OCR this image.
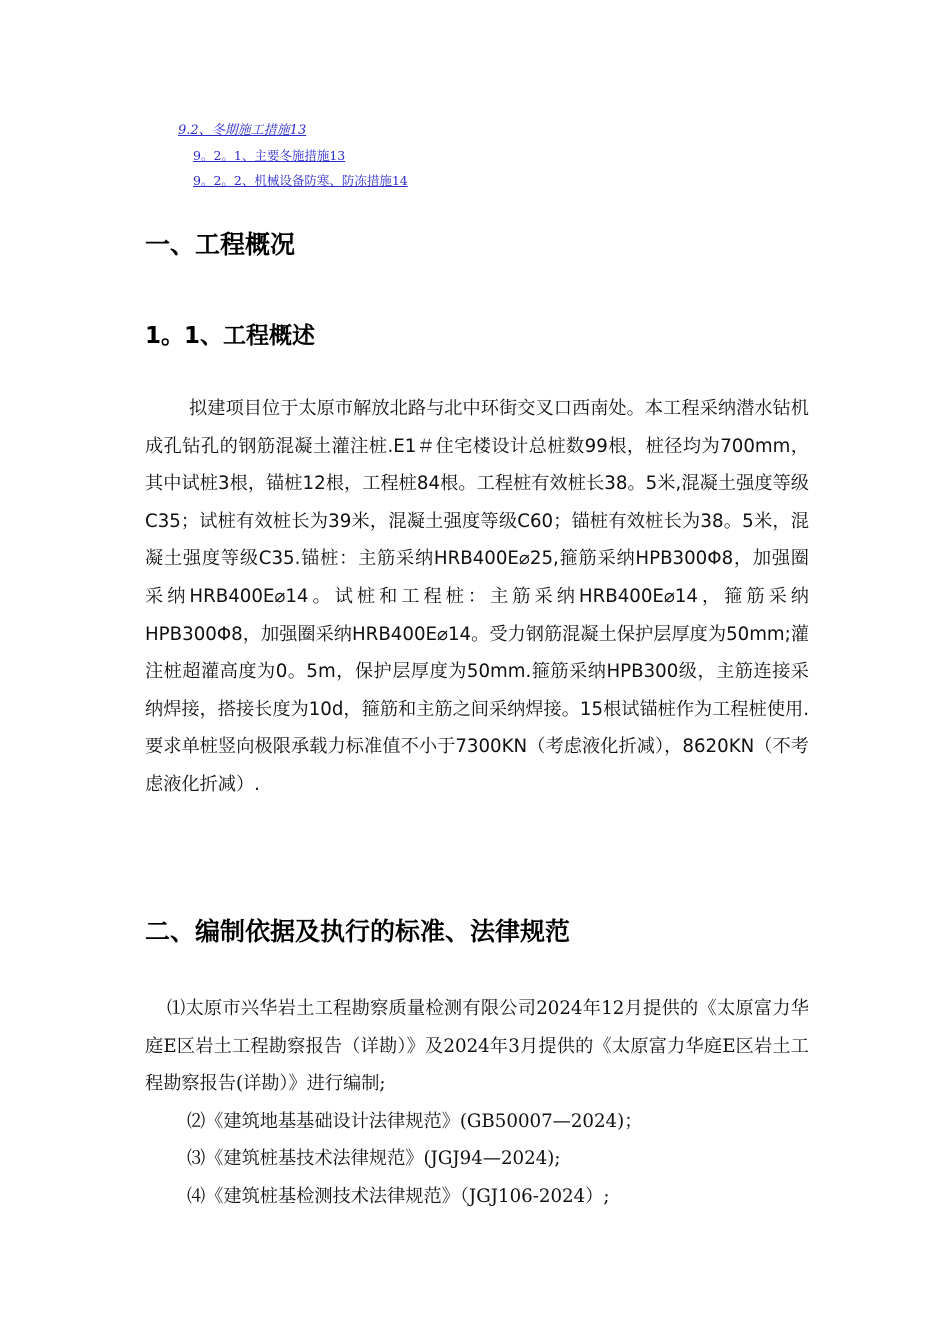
9.2、冬期施工措施13
9。2。1、主要冬施措施13
9。2。2、机械设备防寒、防冻措施14
一、工程概况
1。1、工程概述

拟建项目位于太原市解放北路与北中环街交叉口西南处。本工程采纳潜水钻机成孔钻孔的钢筋混凝土灌注桩.E1＃住宅楼设计总桩数99根，桩径均为700mm，其中试桩3根，锚桩12根，工程桩84根。工程桩有效桩长38。5米,混凝土强度等级C35；试桩有效桩长为39米，混凝土强度等级C60；锚桩有效桩长为38。5米，混凝土强度等级C35.锚桩：主筋采纳HRB400E⌀25,箍筋采纳HPB300Φ8，加强圈采纳HRB400E⌀14。试桩和工程桩：主筋采纳HRB400E⌀14，箍筋采纳HPB300Φ8，加强圈采纳HRB400E⌀14。受力钢筋混凝土保护层厚度为50mm;灌注桩超灌高度为0。5m，保护层厚度为50mm.箍筋采纳HPB300级，主筋连接采纳焊接，搭接长度为10d，箍筋和主筋之间采纳焊接。15根试锚桩作为工程桩使用.要求单桩竖向极限承载力标准值不小于7300KN（考虑液化折减），8620KN（不考虑液化折减）.

二、编制依据及执行的标准、法律规范

⑴太原市兴华岩土工程勘察质量检测有限公司2024年12月提供的《太原富力华庭E区岩土工程勘察报告（详勘）》及2024年3月提供的《太原富力华庭E区岩土工程勘察报告(详勘）》进行编制;

⑵《建筑地基基础设计法律规范》(GB50007—2024)；

⑶《建筑桩基技术法律规范》(JGJ94—2024);

⑷《建筑桩基检测技术法律规范》（JGJ106-2024）;
